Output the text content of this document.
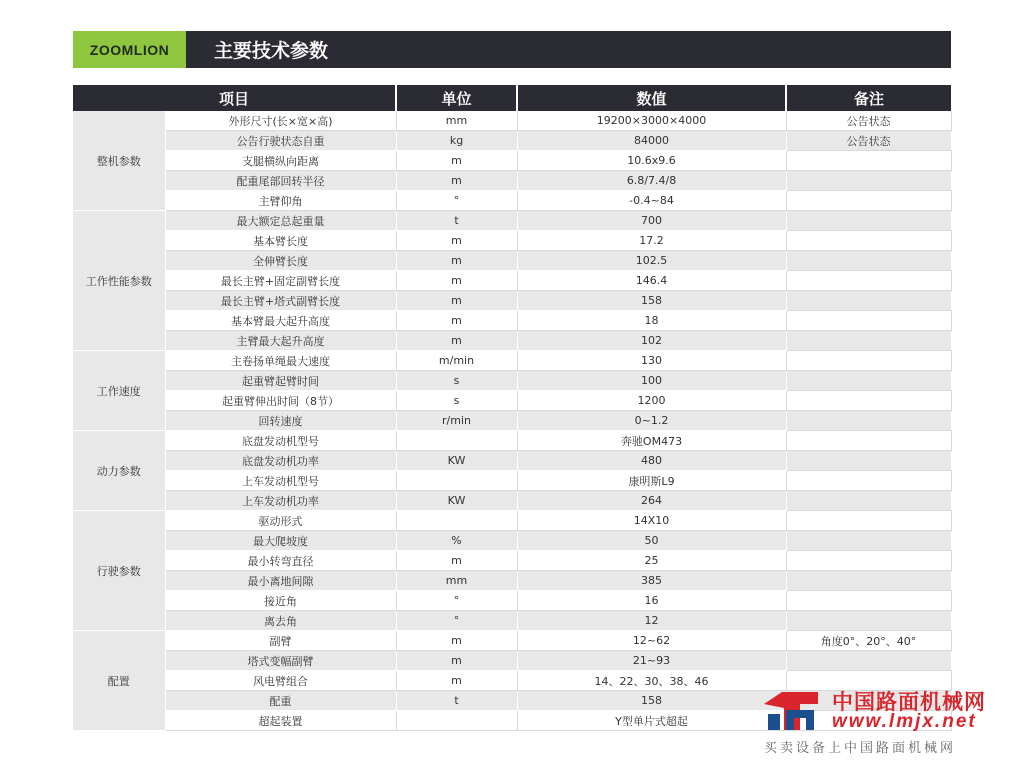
ZOOMLION	主要技术参数
项目		单位	数值	备注
整机参数	外形尺寸(长×宽×高)	mm	19200×3000×4000	公告状态
	公告行驶状态自重	kg	84000	公告状态
	支腿横纵向距离	m	10.6x9.6	
	配重尾部回转半径	m	6.8/7.4/8	
	主臂仰角	°	-0.4~84	
工作性能参数	最大额定总起重量	t	700	
	基本臂长度	m	17.2	
	全伸臂长度	m	102.5	
	最长主臂+固定副臂长度	m	146.4	
	最长主臂+塔式副臂长度	m	158	
	基本臂最大起升高度	m	18	
	主臂最大起升高度	m	102	
工作速度	主卷扬单绳最大速度	m/min	130	
	起重臂起臂时间	s	100	
	起重臂伸出时间（8节）	s	1200	
	回转速度	r/min	0~1.2	
动力参数	底盘发动机型号		奔驰OM473	
	底盘发动机功率	KW	480	
	上车发动机型号		康明斯L9	
	上车发动机功率	KW	264	
行驶参数	驱动形式		14X10	
	最大爬坡度	%	50	
	最小转弯直径	m	25	
	最小离地间隙	mm	385	
	接近角	°	16	
	离去角	°	12	
配置	副臂	m	12~62	角度0°、20°、40°
	塔式变幅副臂	m	21~93	
	风电臂组合	m	14、22、30、38、46	
	配重	t	158	
	超起装置		Y型单片式超起	
中国路面机械网
www.lmjx.net
买卖设备上中国路面机械网
